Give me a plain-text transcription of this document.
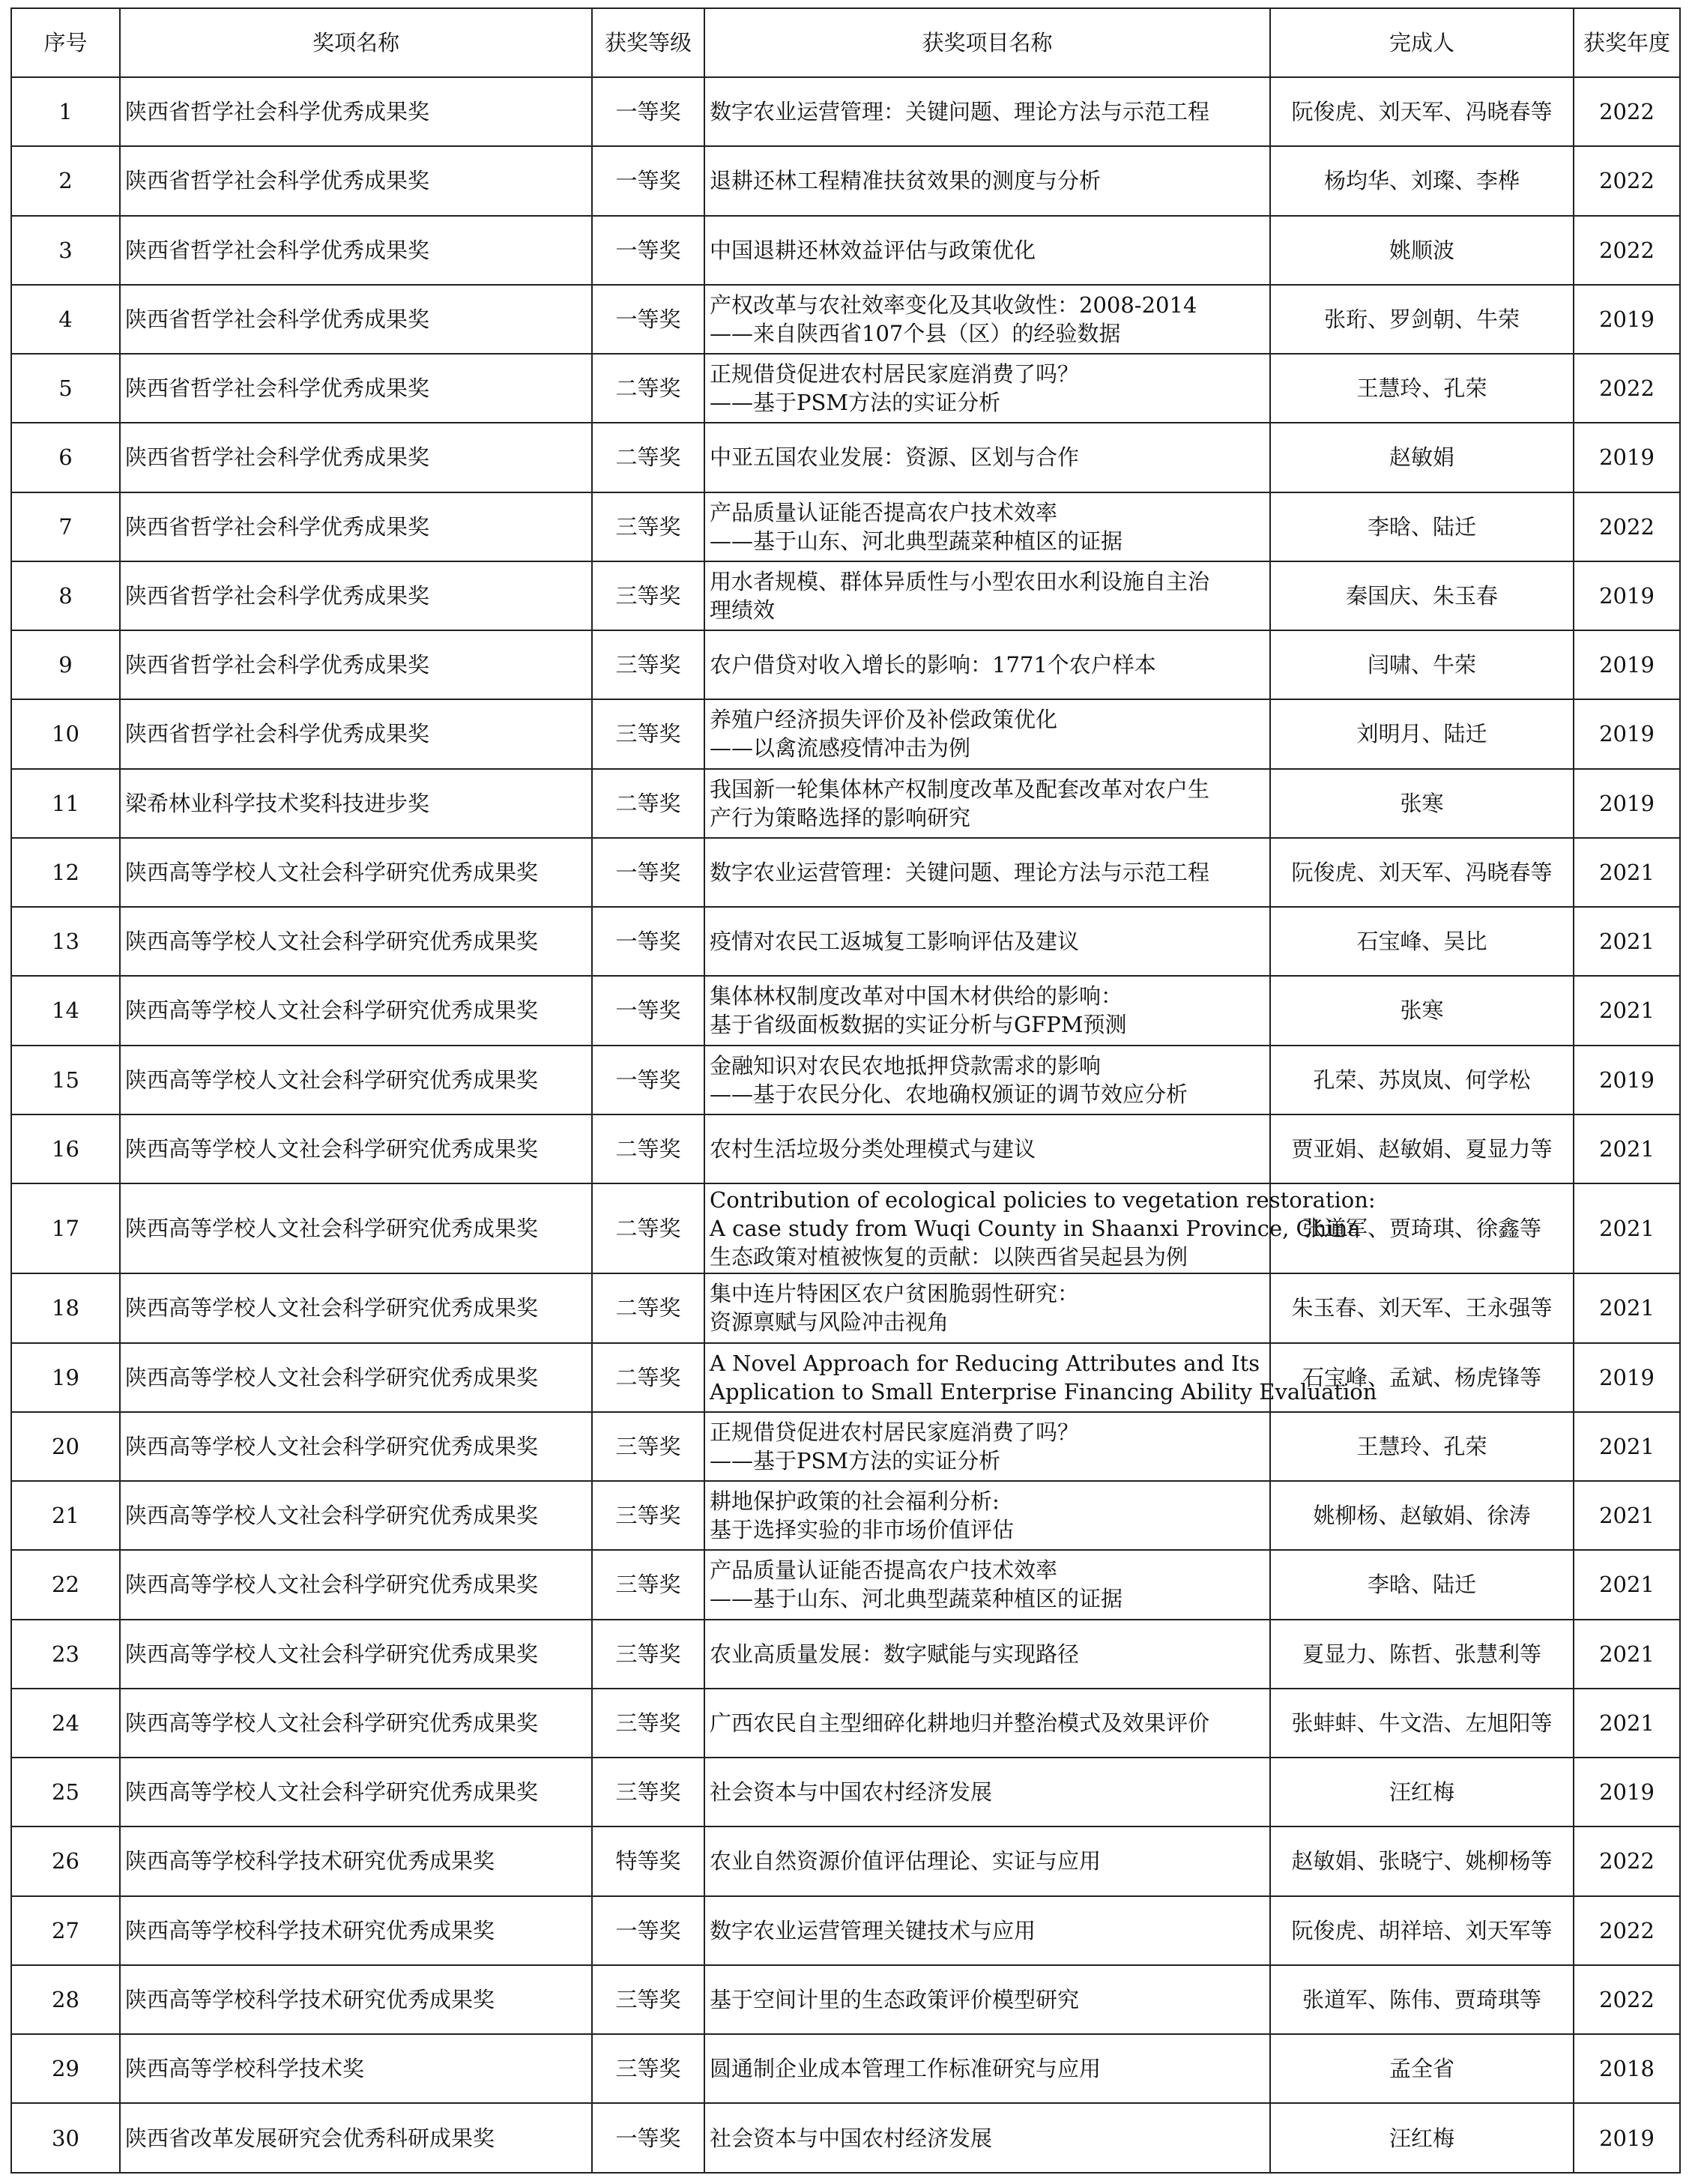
序号	奖项名称	获奖等级	获奖项目名称	完成人	获奖年度
1	陕西省哲学社会科学优秀成果奖	一等奖	数字农业运营管理：关键问题、理论方法与示范工程	阮俊虎、刘天军、冯晓春等	2022
2	陕西省哲学社会科学优秀成果奖	一等奖	退耕还林工程精准扶贫效果的测度与分析	杨均华、刘璨、李桦	2022
3	陕西省哲学社会科学优秀成果奖	一等奖	中国退耕还林效益评估与政策优化	姚顺波	2022
4	陕西省哲学社会科学优秀成果奖	一等奖	产权改革与农社效率变化及其收敛性：2008-2014
——来自陕西省107个县（区）的经验数据	张珩、罗剑朝、牛荣	2019
5	陕西省哲学社会科学优秀成果奖	二等奖	正规借贷促进农村居民家庭消费了吗？
——基于PSM方法的实证分析	王慧玲、孔荣	2022
6	陕西省哲学社会科学优秀成果奖	二等奖	中亚五国农业发展：资源、区划与合作	赵敏娟	2019
7	陕西省哲学社会科学优秀成果奖	三等奖	产品质量认证能否提高农户技术效率
——基于山东、河北典型蔬菜种植区的证据	李晗、陆迁	2022
8	陕西省哲学社会科学优秀成果奖	三等奖	用水者规模、群体异质性与小型农田水利设施自主治
理绩效	秦国庆、朱玉春	2019
9	陕西省哲学社会科学优秀成果奖	三等奖	农户借贷对收入增长的影响：1771个农户样本	闫啸、牛荣	2019
10	陕西省哲学社会科学优秀成果奖	三等奖	养殖户经济损失评价及补偿政策优化
——以禽流感疫情冲击为例	刘明月、陆迁	2019
11	梁希林业科学技术奖科技进步奖	二等奖	我国新一轮集体林产权制度改革及配套改革对农户生
产行为策略选择的影响研究	张寒	2019
12	陕西高等学校人文社会科学研究优秀成果奖	一等奖	数字农业运营管理：关键问题、理论方法与示范工程	阮俊虎、刘天军、冯晓春等	2021
13	陕西高等学校人文社会科学研究优秀成果奖	一等奖	疫情对农民工返城复工影响评估及建议	石宝峰、吴比	2021
14	陕西高等学校人文社会科学研究优秀成果奖	一等奖	集体林权制度改革对中国木材供给的影响：
基于省级面板数据的实证分析与GFPM预测	张寒	2021
15	陕西高等学校人文社会科学研究优秀成果奖	一等奖	金融知识对农民农地抵押贷款需求的影响
——基于农民分化、农地确权颁证的调节效应分析	孔荣、苏岚岚、何学松	2019
16	陕西高等学校人文社会科学研究优秀成果奖	二等奖	农村生活垃圾分类处理模式与建议	贾亚娟、赵敏娟、夏显力等	2021
17	陕西高等学校人文社会科学研究优秀成果奖	二等奖	Contribution of ecological policies to vegetation restoration:
A case study from Wuqi County in Shaanxi Province, China
生态政策对植被恢复的贡献：以陕西省吴起县为例	张道军、贾琦琪、徐鑫等	2021
18	陕西高等学校人文社会科学研究优秀成果奖	二等奖	集中连片特困区农户贫困脆弱性研究：
资源禀赋与风险冲击视角	朱玉春、刘天军、王永强等	2021
19	陕西高等学校人文社会科学研究优秀成果奖	二等奖	A Novel Approach for Reducing Attributes and Its
Application to Small Enterprise Financing Ability Evaluation	石宝峰、孟斌、杨虎锋等	2019
20	陕西高等学校人文社会科学研究优秀成果奖	三等奖	正规借贷促进农村居民家庭消费了吗？
——基于PSM方法的实证分析	王慧玲、孔荣	2021
21	陕西高等学校人文社会科学研究优秀成果奖	三等奖	耕地保护政策的社会福利分析:
基于选择实验的非市场价值评估	姚柳杨、赵敏娟、徐涛	2021
22	陕西高等学校人文社会科学研究优秀成果奖	三等奖	产品质量认证能否提高农户技术效率
——基于山东、河北典型蔬菜种植区的证据	李晗、陆迁	2021
23	陕西高等学校人文社会科学研究优秀成果奖	三等奖	农业高质量发展：数字赋能与实现路径	夏显力、陈哲、张慧利等	2021
24	陕西高等学校人文社会科学研究优秀成果奖	三等奖	广西农民自主型细碎化耕地归并整治模式及效果评价	张蚌蚌、牛文浩、左旭阳等	2021
25	陕西高等学校人文社会科学研究优秀成果奖	三等奖	社会资本与中国农村经济发展	汪红梅	2019
26	陕西高等学校科学技术研究优秀成果奖	特等奖	农业自然资源价值评估理论、实证与应用	赵敏娟、张晓宁、姚柳杨等	2022
27	陕西高等学校科学技术研究优秀成果奖	一等奖	数字农业运营管理关键技术与应用	阮俊虎、胡祥培、刘天军等	2022
28	陕西高等学校科学技术研究优秀成果奖	三等奖	基于空间计里的生态政策评价模型研究	张道军、陈伟、贾琦琪等	2022
29	陕西高等学校科学技术奖	三等奖	圆通制企业成本管理工作标准研究与应用	孟全省	2018
30	陕西省改革发展研究会优秀科研成果奖	一等奖	社会资本与中国农村经济发展	汪红梅	2019
